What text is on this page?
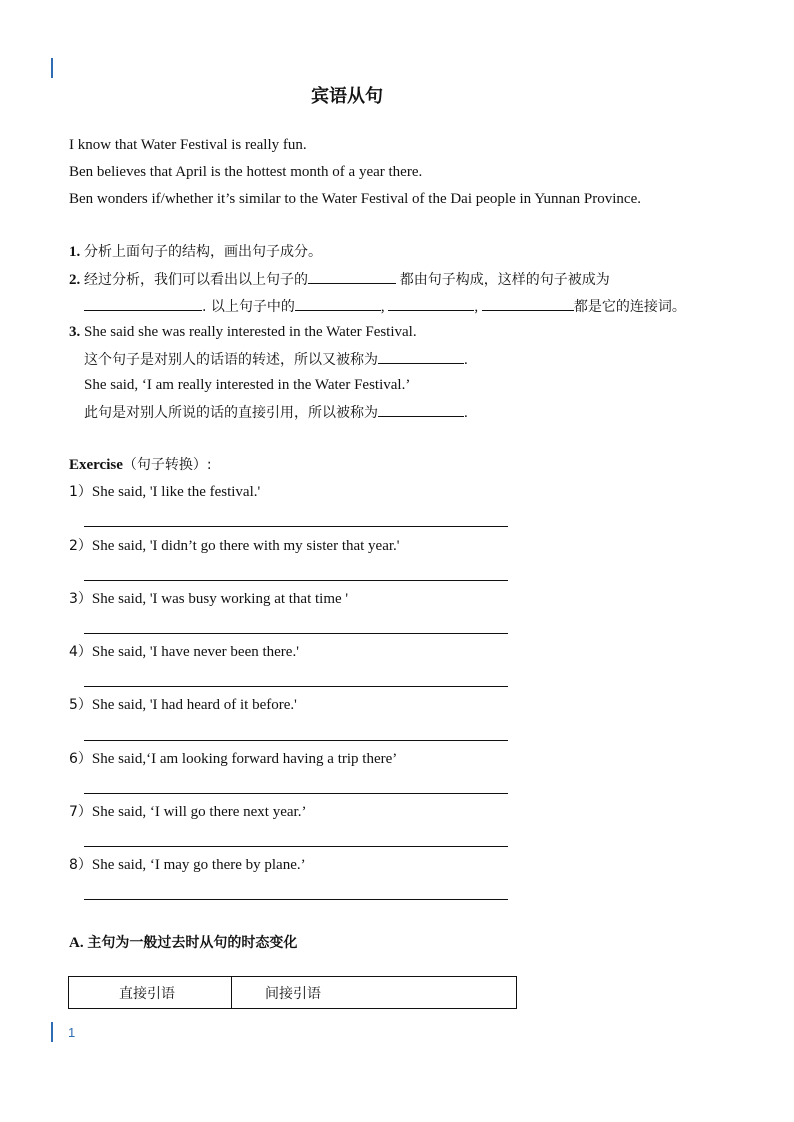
宾语从句
I know that Water Festival is really fun.
Ben believes that April is the hottest month of a year there.
Ben wonders if/whether it’s similar to the Water Festival of the Dai people in Yunnan Province.
1. 分析上面句子的结构，画出句子成分。
2. 经过分析，我们可以看出以上句子的	都由句子构成，这样的句子被成为
. 以上句子中的	,	,	都是它的连接词。
3. She said she was really interested in the Water Festival.
这个句子是对别人的话语的转述，所以又被称为	.
She said, ‘I am really interested in the Water Festival.’
此句是对别人所说的话的直接引用，所以被称为	.
Exercise（句子转换）:
1）She said, 'I like the festival.'
2）She said, 'I didn’t go there with my sister that year.'
3）She said, 'I was busy working at that time '
4）She said, 'I have never been there.'
5）She said, 'I had heard of it before.'
6）She said,‘I am looking forward having a trip there’
7）She said, ‘I will go there next year.’
8）She said, ‘I may go there by plane.’
A. 主句为一般过去时从句的时态变化
直接引语	间接引语
1
